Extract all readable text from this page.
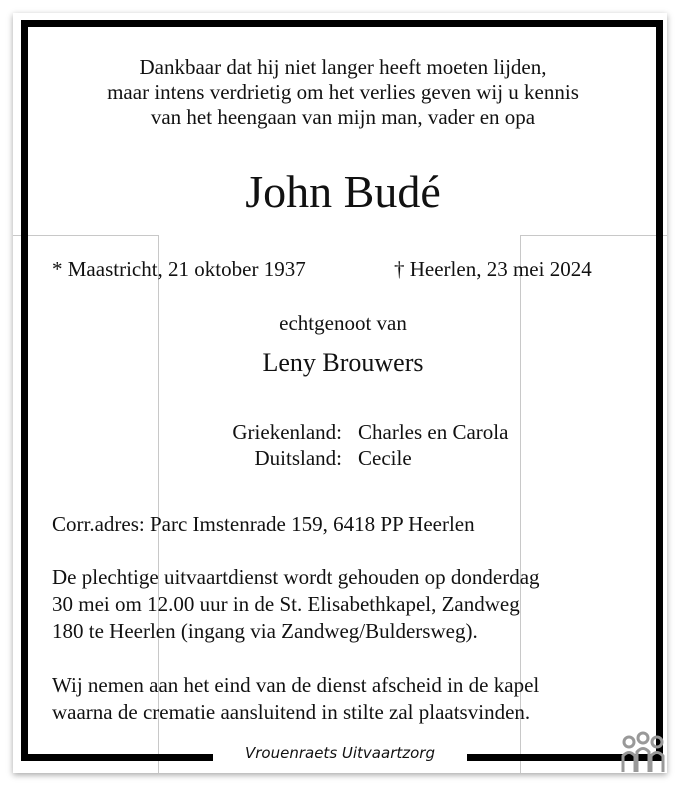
Dankbaar dat hij niet langer heeft moeten lijden,
maar intens verdrietig om het verlies geven wij u kennis
van het heengaan van mijn man, vader en opa
John Budé
* Maastricht, 21 oktober 1937	† Heerlen, 23 mei 2024
echtgenoot van
Leny Brouwers
Griekenland: Charles en Carola
Duitsland: Cecile
Corr.adres: Parc Imstenrade 159, 6418 PP Heerlen
De plechtige uitvaartdienst wordt gehouden op donderdag
30 mei om 12.00 uur in de St. Elisabethkapel, Zandweg
180 te Heerlen (ingang via Zandweg/Buldersweg).
Wij nemen aan het eind van de dienst afscheid in de kapel
waarna de crematie aansluitend in stilte zal plaatsvinden.
Vrouenraets Uitvaartzorg
